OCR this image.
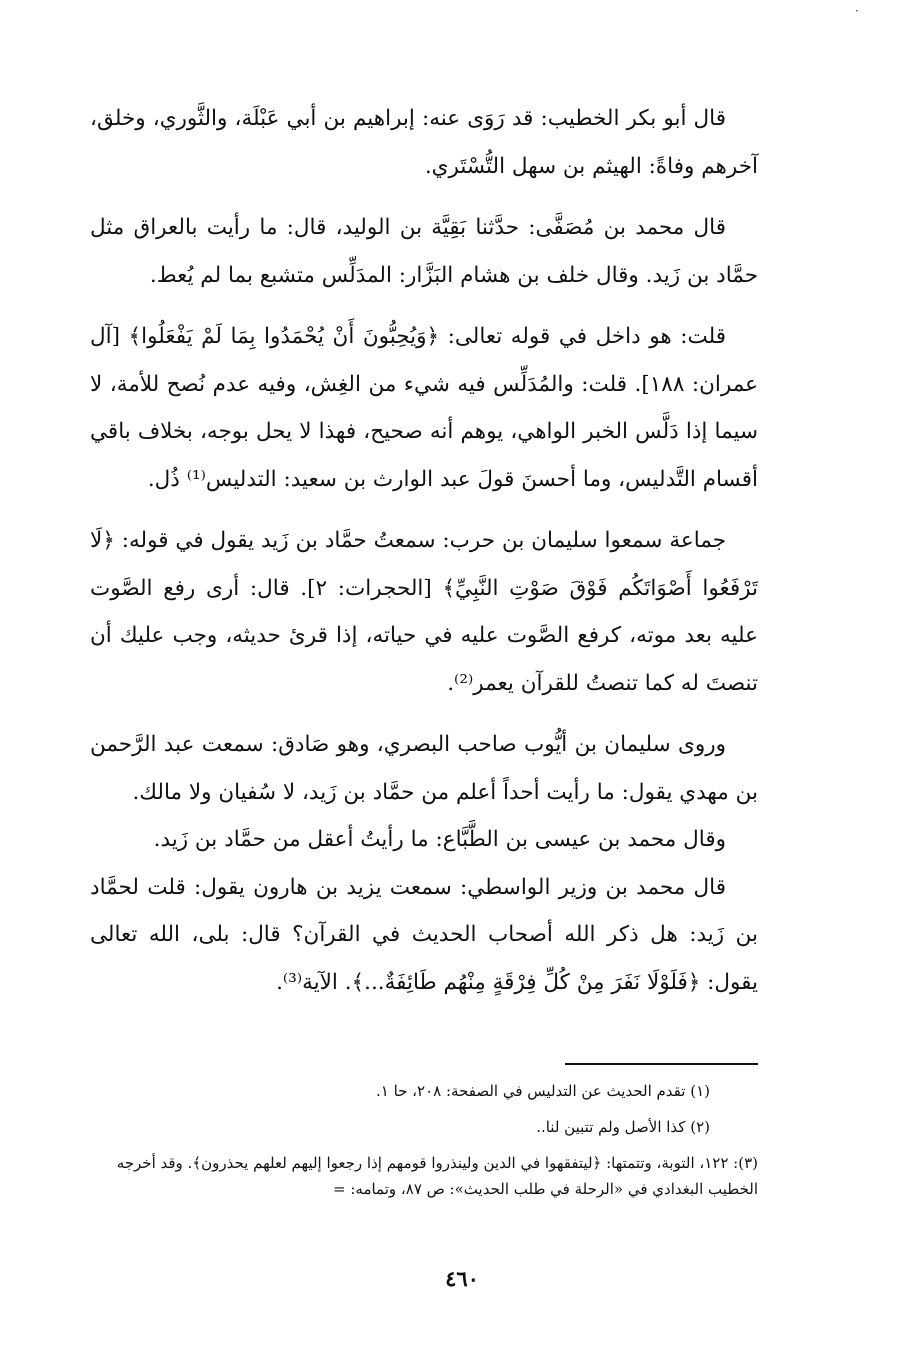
·

قال أبو بكر الخطيب: قد رَوَى عنه: إبراهيم بن أبي عَبْلَة، والثَّوري، وخلق، آخرهم وفاةً: الهيثم بن سهل التُّسْتَري.

قال محمد بن مُصَفَّى: حدَّثنا بَقِيَّة بن الوليد، قال: ما رأيت بالعراق مثل حمَّاد بن زَيد. وقال خلف بن هشام البَزَّار: المدَلِّس متشبع بما لم يُعط.

قلت: هو داخل في قوله تعالى: ﴿وَيُحِبُّونَ أَنْ يُحْمَدُوا بِمَا لَمْ يَفْعَلُوا﴾ [آل عمران: ١٨٨]. قلت: والمُدَلِّس فيه شيء من الغِش، وفيه عدم نُصح للأمة، لا سيما إذا دَلَّس الخبر الواهي، يوهم أنه صحيح، فهذا لا يحل بوجه، بخلاف باقي أقسام التَّدليس، وما أحسنَ قولَ عبد الوارث بن سعيد: التدليس⁽¹⁾ ذُل.

جماعة سمعوا سليمان بن حرب: سمعتُ حمَّاد بن زَيد يقول في قوله: ﴿لَا تَرْفَعُوا أَصْوَاتَكُم فَوْقَ صَوْتِ النَّبِيِّ﴾ [الحجرات: ٢]. قال: أرى رفع الصَّوت عليه بعد موته، كرفع الصَّوت عليه في حياته، إذا قرئ حديثه، وجب عليك أن تنصتَ له كما تنصتُ للقرآن يعمر⁽²⁾.

وروى سليمان بن أيُّوب صاحب البصري، وهو صَادق: سمعت عبد الرَّحمن بن مهدي يقول: ما رأيت أحداً أعلم من حمَّاد بن زَيد، لا سُفيان ولا مالك.

وقال محمد بن عيسى بن الطَّبَّاع: ما رأيتُ أعقل من حمَّاد بن زَيد.

قال محمد بن وزير الواسطي: سمعت يزيد بن هارون يقول: قلت لحمَّاد بن زَيد: هل ذكر الله أصحاب الحديث في القرآن؟ قال: بلى، الله تعالى يقول: ﴿فَلَوْلَا نَفَرَ مِنْ كُلِّ فِرْقَةٍ مِنْهُم طَائِفَةٌ...﴾. الآية⁽³⁾.

(١) تقدم الحديث عن التدليس في الصفحة: ٢٠٨، حا ١.

(٢) كذا الأصل ولم تتبين لنا..

(٣): ١٢٢، التوبة، وتتمتها: ﴿ليتفقهوا في الدين ولينذروا قومهم إذا رجعوا إليهم لعلهم يحذرون﴾. وقد أخرجه الخطيب البغدادي في «الرحلة في طلب الحديث»: ص ٨٧، وتمامه: =

٤٦٠
